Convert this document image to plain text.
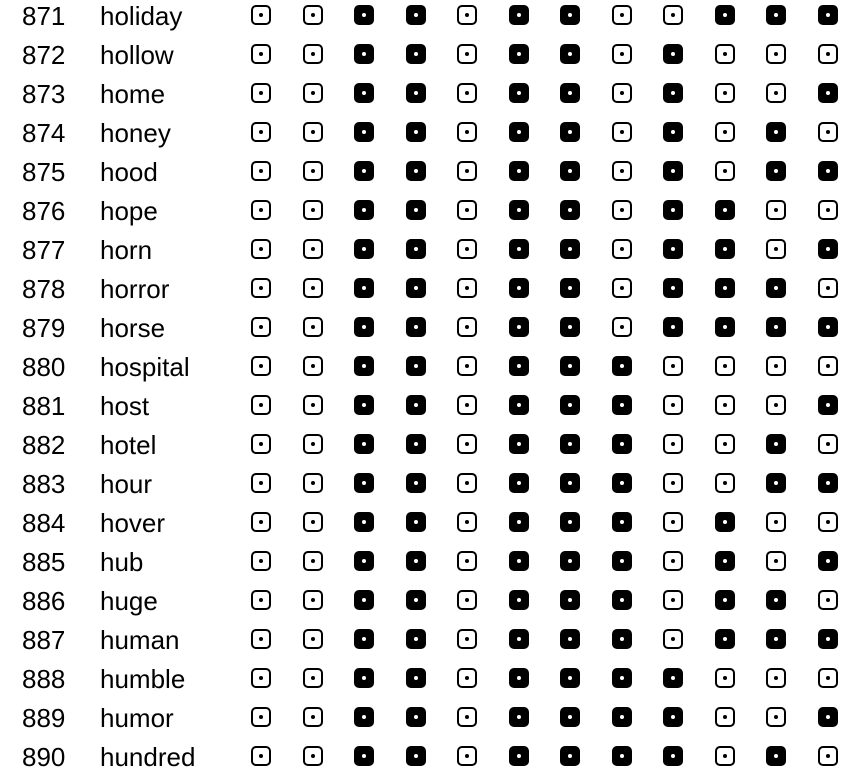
871 holiday
872 hollow
873 home
874 honey
875 hood
876 hope
877 horn
878 horror
879 horse
880 hospital
881 host
882 hotel
883 hour
884 hover
885 hub
886 huge
887 human
888 humble
889 humor
890 hundred
